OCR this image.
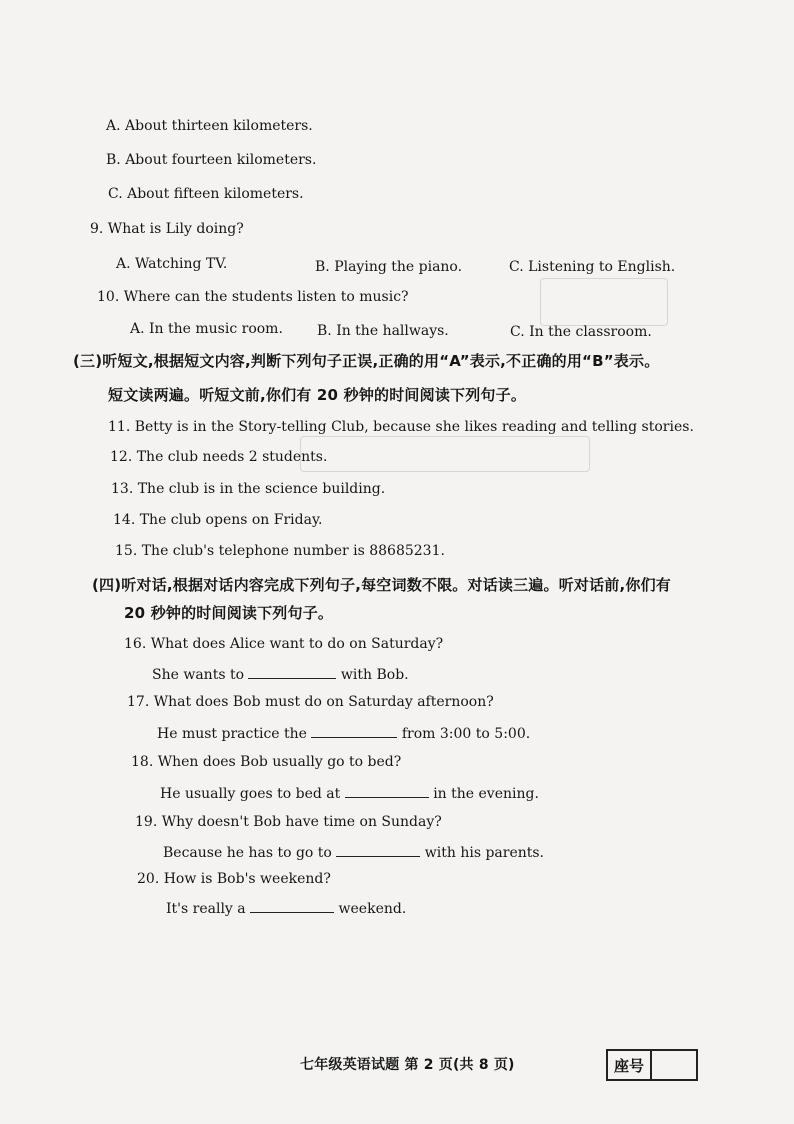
A. About thirteen kilometers.
B. About fourteen kilometers.
C. About fifteen kilometers.
9. What is Lily doing?
A. Watching TV.	B. Playing the piano.	C. Listening to English.
10. Where can the students listen to music?
A. In the music room. B. In the hallways.	C. In the classroom.
(三)听短文,根据短文内容,判断下列句子正误,正确的用“A”表示,不正确的用“B”表示。
短文读两遍。听短文前,你们有 20 秒钟的时间阅读下列句子。
11. Betty is in the Story-telling Club, because she likes reading and telling stories.
12. The club needs 2 students.
13. The club is in the science building.
14. The club opens on Friday.
15. The club's telephone number is 88685231.
(四)听对话,根据对话内容完成下列句子,每空词数不限。对话读三遍。听对话前,你们有
20 秒钟的时间阅读下列句子。
16. What does Alice want to do on Saturday?
She wants to	with Bob.
17. What does Bob must do on Saturday afternoon?
He must practice the	from 3:00 to 5:00.
18. When does Bob usually go to bed?
He usually goes to bed at	in the evening.
19. Why doesn't Bob have time on Sunday?
Because he has to go to	with his parents.
20. How is Bob's weekend?
It's really a	weekend.
七年级英语试题 第 2 页(共 8 页)	座号
